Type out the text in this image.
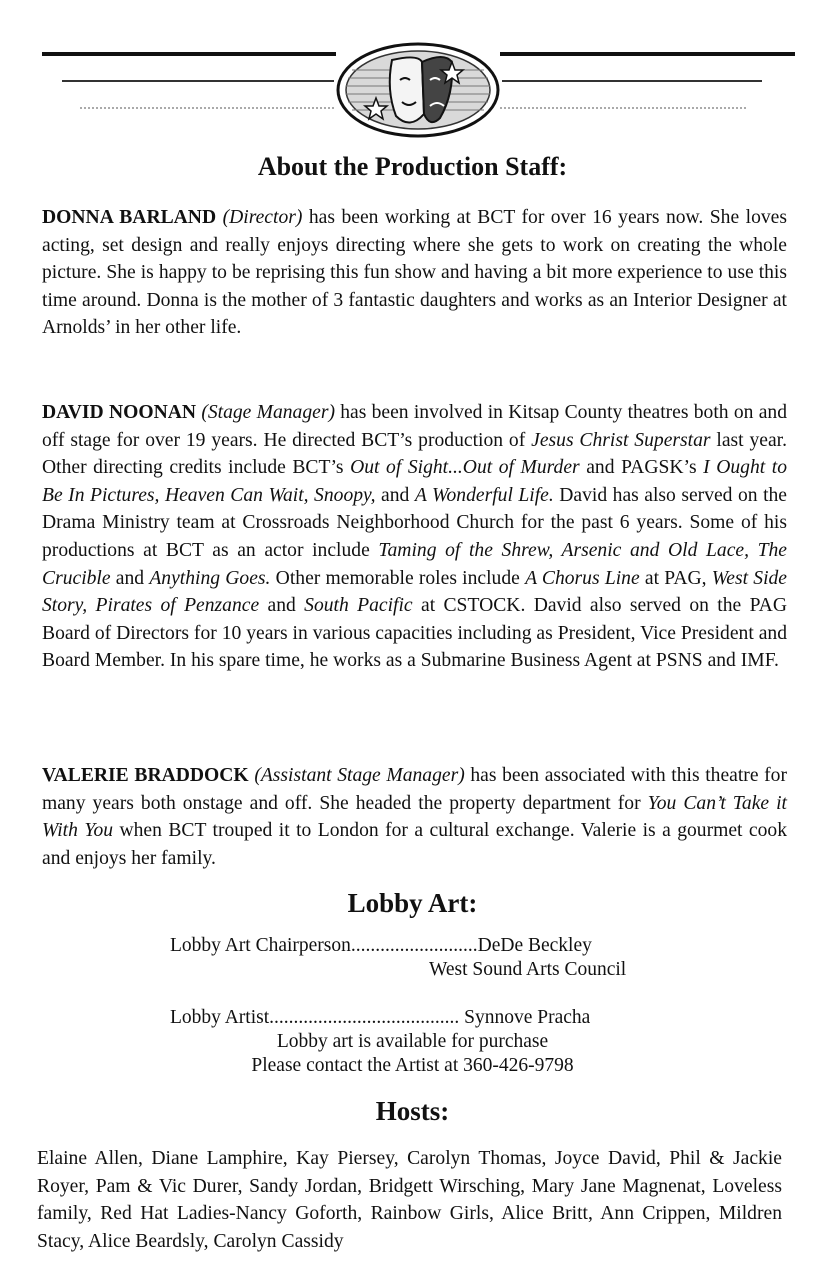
About the Production Staff:

DONNA BARLAND (Director) has been working at BCT for over 16 years now. She loves acting, set design and really enjoys directing where she gets to work on creating the whole picture. She is happy to be reprising this fun show and having a bit more experience to use this time around. Donna is the mother of 3 fantastic daughters and works as an Interior Designer at Arnolds’ in her other life.

DAVID NOONAN (Stage Manager) has been involved in Kitsap County theatres both on and off stage for over 19 years. He directed BCT’s production of Jesus Christ Superstar last year. Other directing credits include BCT’s Out of Sight...Out of Murder and PAGSK’s I Ought to Be In Pictures, Heaven Can Wait, Snoopy, and A Wonderful Life. David has also served on the Drama Ministry team at Crossroads Neighborhood Church for the past 6 years. Some of his productions at BCT as an actor include Taming of the Shrew, Arsenic and Old Lace, The Crucible and Anything Goes. Other memorable roles include A Chorus Line at PAG, West Side Story, Pirates of Penzance and South Pacific at CSTOCK. David also served on the PAG Board of Directors for 10 years in various capacities including as President, Vice President and Board Member. In his spare time, he works as a Submarine Business Agent at PSNS and IMF.

VALERIE BRADDOCK (Assistant Stage Manager) has been associated with this theatre for many years both onstage and off. She headed the property department for You Can’t Take it With You when BCT trouped it to London for a cultural exchange. Valerie is a gourmet cook and enjoys her family.

Lobby Art:
Lobby Art Chairperson..........................DeDe Beckley
West Sound Arts Council
Lobby Artist....................................... Synnove Pracha
Lobby art is available for purchase
Please contact the Artist at 360-426-9798
Hosts:

Elaine Allen, Diane Lamphire, Kay Piersey, Carolyn Thomas, Joyce David, Phil & Jackie Royer, Pam & Vic Durer, Sandy Jordan, Bridgett Wirsching, Mary Jane Magnenat, Loveless family, Red Hat Ladies-Nancy Goforth, Rainbow Girls, Alice Britt, Ann Crippen, Mildren Stacy, Alice Beardsly, Carolyn Cassidy
